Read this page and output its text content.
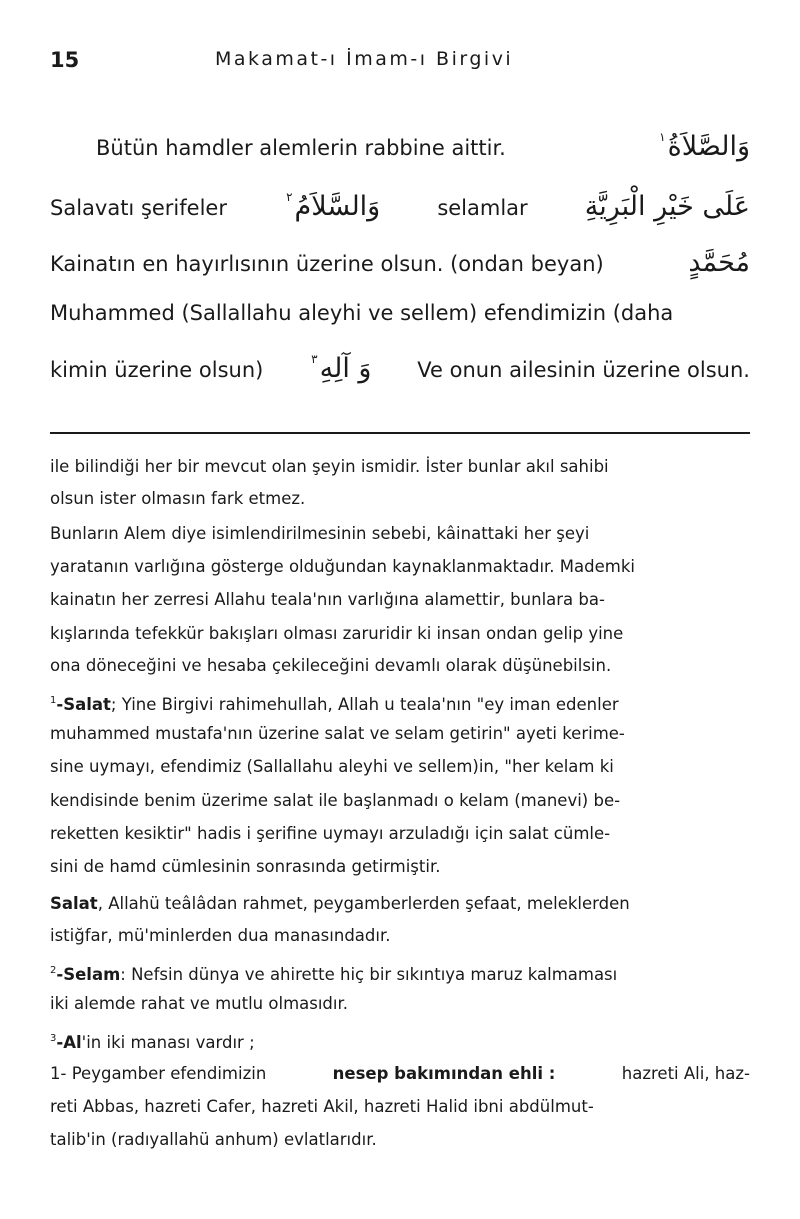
15	Makamat-ı İmam-ı Birgivi
Bütün hamdler alemlerin rabbine aittir.	$^١$وَالصَّلاَةُ
Salavatı şerifeler	$^٢$وَالسَّلاَمُ	selamlar عَلَى خَيْرِ الْبَرِيَّةِ
Kainatın en hayırlısının üzerine olsun. (ondan beyan)	مُحَمَّدٍ
Muhammed (Sallallahu aleyhi ve sellem) efendimizin (daha
kimin üzerine olsun)	$^٣$وَ آلِهِ Ve onun ailesinin üzerine olsun.
ile bilindiği her bir mevcut olan şeyin ismidir. İster bunlar akıl sahibi
olsun ister olmasın fark etmez.
Bunların Alem diye isimlendirilmesinin sebebi, kâinattaki her şeyi
yaratanın varlığına gösterge olduğundan kaynaklanmaktadır. Mademki
kainatın her zerresi Allahu teala'nın varlığına alamettir, bunlara ba-
kışlarında tefekkür bakışları olması zaruridir ki insan ondan gelip yine
ona döneceğini ve hesaba çekileceğini devamlı olarak düşünebilsin.
$^1$-Salat; Yine Birgivi rahimehullah, Allah u teala'nın "ey iman edenler
muhammed mustafa'nın üzerine salat ve selam getirin" ayeti kerime-
sine uymayı, efendimiz (Sallallahu aleyhi ve sellem)in, "her kelam ki
kendisinde benim üzerime salat ile başlanmadı o kelam (manevi) be-
reketten kesiktir" hadis i şerifine uymayı arzuladığı için salat cümle-
sini de hamd cümlesinin sonrasında getirmiştir.
Salat, Allahü teâlâdan rahmet, peygamberlerden şefaat, meleklerden
istiğfar, mü'minlerden dua manasındadır.
$^2$-Selam: Nefsin dünya ve ahirette hiç bir sıkıntıya maruz kalmaması
iki alemde rahat ve mutlu olmasıdır.
$^3$-Al'in iki manası vardır ;
1- Peygamber efendimizin	nesep bakımından ehli :	hazreti Ali, haz-
reti Abbas, hazreti Cafer, hazreti Akil, hazreti Halid ibni abdülmut-
talib'in (radıyallahü anhum) evlatlarıdır.
